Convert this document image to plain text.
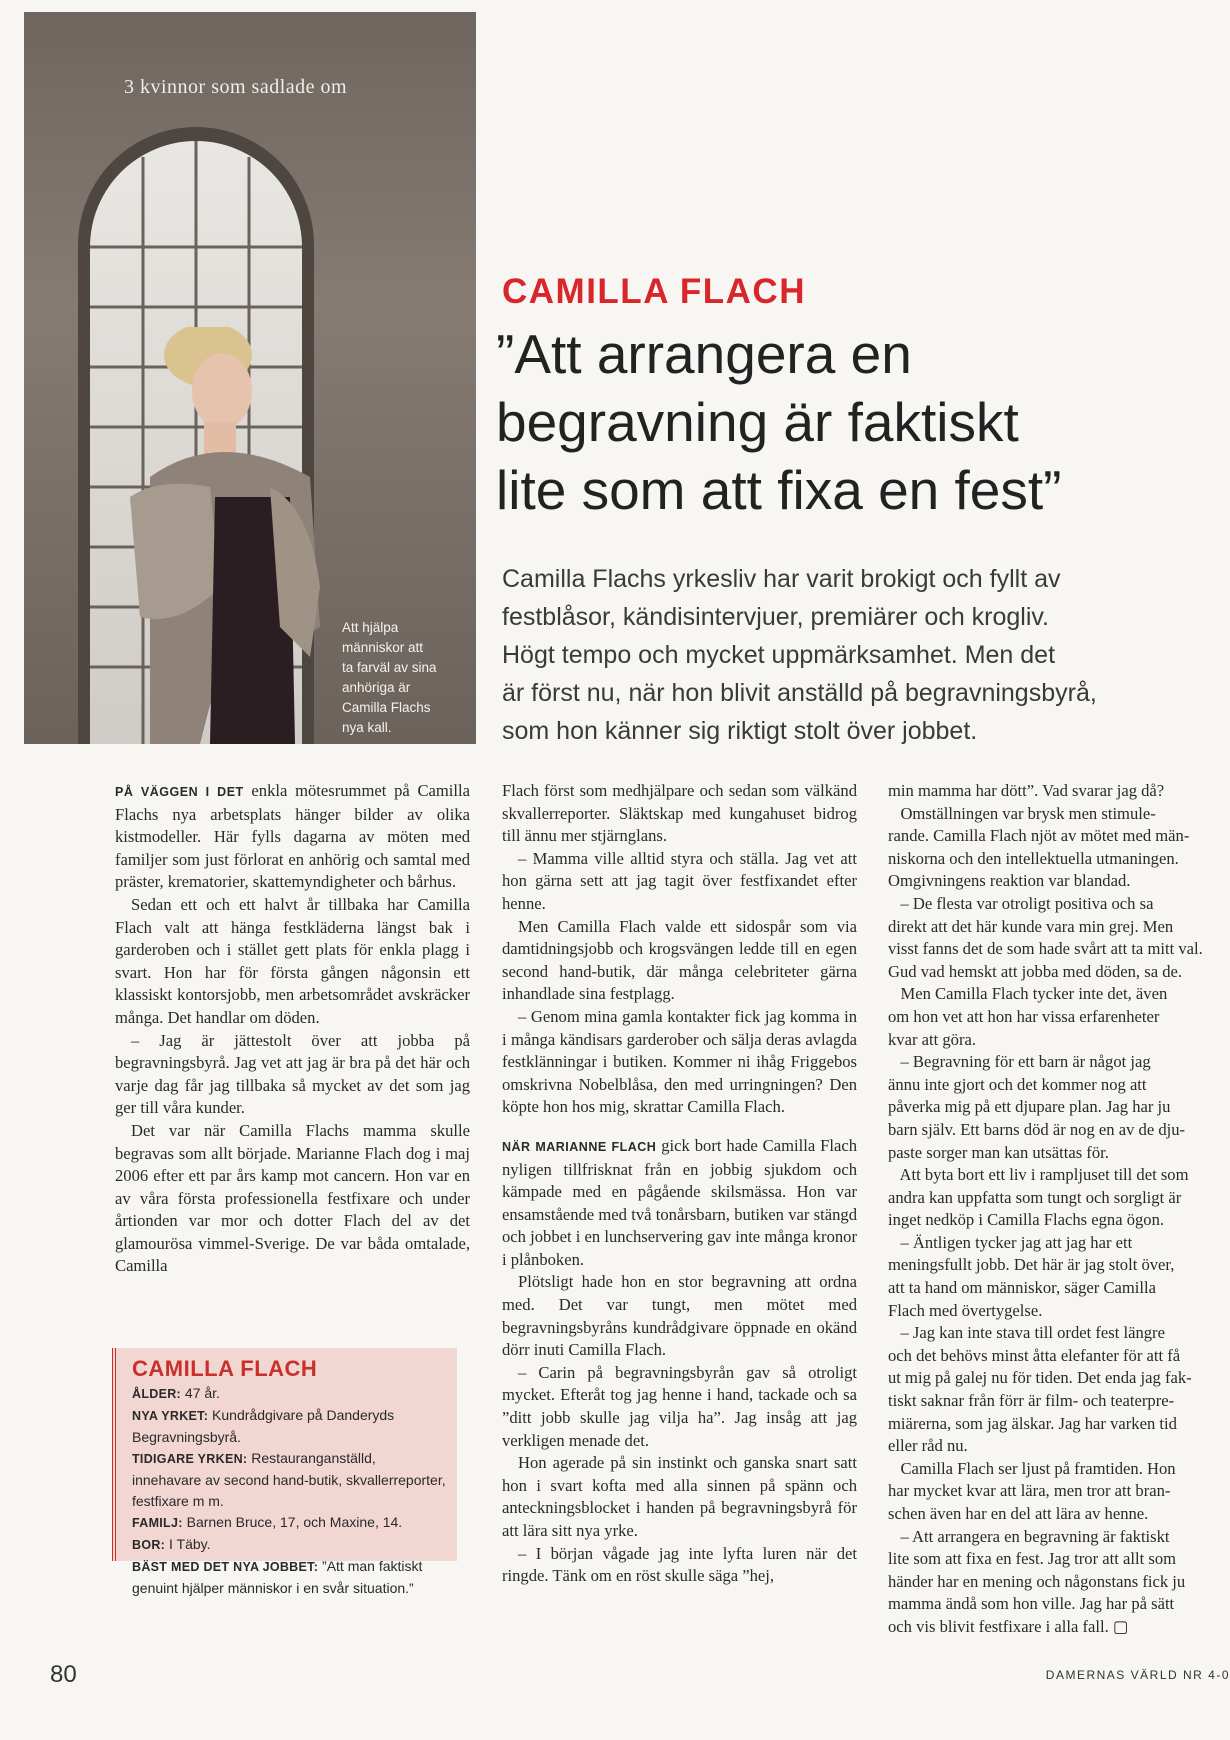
3 kvinnor som sadlade om
Att hjälpa
människor att
ta farväl av sina
anhöriga är
Camilla Flachs
nya kall.
CAMILLA FLACH
”Att arrangera en
begravning är faktiskt
lite som att fixa en fest”
Camilla Flachs yrkesliv har varit brokigt och fyllt av
festblåsor, kändisintervjuer, premiärer och krogliv.
Högt tempo och mycket uppmärksamhet. Men det
är först nu, när hon blivit anställd på begravningsbyrå,
som hon känner sig riktigt stolt över jobbet.

PÅ VÄGGEN I DET enkla mötesrummet på Camilla Flachs nya arbetsplats hänger bilder av olika kistmodeller. Här fylls dagarna av möten med familjer som just förlorat en anhörig och samtal med präster, krematorier, skattemyndigheter och bårhus.

Sedan ett och ett halvt år tillbaka har Camilla Flach valt att hänga festkläderna längst bak i garderoben och i stället gett plats för enkla plagg i svart. Hon har för första gången någonsin ett klassiskt kontorsjobb, men arbetsområdet avskräcker många. Det handlar om döden.

– Jag är jättestolt över att jobba på begravningsbyrå. Jag vet att jag är bra på det här och varje dag får jag tillbaka så mycket av det som jag ger till våra kunder.

Det var när Camilla Flachs mamma skulle begravas som allt började. Marianne Flach dog i maj 2006 efter ett par års kamp mot cancern. Hon var en av våra första professionella festfixare och under årtionden var mor och dotter Flach del av det glamourösa vimmel-Sverige. De var båda omtalade, Camilla

CAMILLA FLACH
ÅLDER: 47 år.
NYA YRKET: Kundrådgivare på Danderyds Begravningsbyrå.
TIDIGARE YRKEN: Restauranganställd, innehavare av second hand-butik, skvallerreporter, festfixare m m.
FAMILJ: Barnen Bruce, 17, och Maxine, 14.
BOR: I Täby.
BÄST MED DET NYA JOBBET: ”Att man faktiskt genuint hjälper människor i en svår situation.”

Flach först som medhjälpare och sedan som välkänd skvallerreporter. Släktskap med kungahuset bidrog till ännu mer stjärnglans.

– Mamma ville alltid styra och ställa. Jag vet att hon gärna sett att jag tagit över festfixandet efter henne.

Men Camilla Flach valde ett sidospår som via damtidningsjobb och krogsvängen ledde till en egen second hand-butik, där många celebriteter gärna inhandlade sina festplagg.

– Genom mina gamla kontakter fick jag komma in i många kändisars garderober och sälja deras avlagda festklänningar i butiken. Kommer ni ihåg Friggebos omskrivna Nobelblåsa, den med urringningen? Den köpte hon hos mig, skrattar Camilla Flach.

NÄR MARIANNE FLACH gick bort hade Camilla Flach nyligen tillfrisknat från en jobbig sjukdom och kämpade med en pågående skilsmässa. Hon var ensamstående med två tonårsbarn, butiken var stängd och jobbet i en lunchservering gav inte många kronor i plånboken.

Plötsligt hade hon en stor begravning att ordna med. Det var tungt, men mötet med begravningsbyråns kundrådgivare öppnade en okänd dörr inuti Camilla Flach.

– Carin på begravningsbyrån gav så otroligt mycket. Efteråt tog jag henne i hand, tackade och sa ”ditt jobb skulle jag vilja ha”. Jag insåg att jag verkligen menade det.

Hon agerade på sin instinkt och ganska snart satt hon i svart kofta med alla sinnen på spänn och anteckningsblocket i handen på begravningsbyrå för att lära sitt nya yrke.

– I början vågade jag inte lyfta luren när det ringde. Tänk om en röst skulle säga ”hej,

min mamma har dött”. Vad svarar jag då?
Omställningen var brysk men stimule-
rande. Camilla Flach njöt av mötet med män-
niskorna och den intellektuella utmaningen.
Omgivningens reaktion var blandad.
– De flesta var otroligt positiva och sa
direkt att det här kunde vara min grej. Men
visst fanns det de som hade svårt att ta mitt val.
Gud vad hemskt att jobba med döden, sa de.
Men Camilla Flach tycker inte det, även
om hon vet att hon har vissa erfarenheter
kvar att göra.
– Begravning för ett barn är något jag
ännu inte gjort och det kommer nog att
påverka mig på ett djupare plan. Jag har ju
barn själv. Ett barns död är nog en av de dju-
paste sorger man kan utsättas för.
Att byta bort ett liv i rampljuset till det som
andra kan uppfatta som tungt och sorgligt är
inget nedköp i Camilla Flachs egna ögon.
– Äntligen tycker jag att jag har ett
meningsfullt jobb. Det här är jag stolt över,
att ta hand om människor, säger Camilla
Flach med övertygelse.
– Jag kan inte stava till ordet fest längre
och det behövs minst åtta elefanter för att få
ut mig på galej nu för tiden. Det enda jag fak-
tiskt saknar från förr är film- och teaterpre-
miärerna, som jag älskar. Jag har varken tid
eller råd nu.
Camilla Flach ser ljust på framtiden. Hon
har mycket kvar att lära, men tror att bran-
schen även har en del att lära av henne.
– Att arrangera en begravning är faktiskt
lite som att fixa en fest. Jag tror att allt som
händer har en mening och någonstans fick ju
mamma ändå som hon ville. Jag har på sätt
och vis blivit festfixare i alla fall. ▢
80	DAMERNAS VÄRLD NR 4-0
